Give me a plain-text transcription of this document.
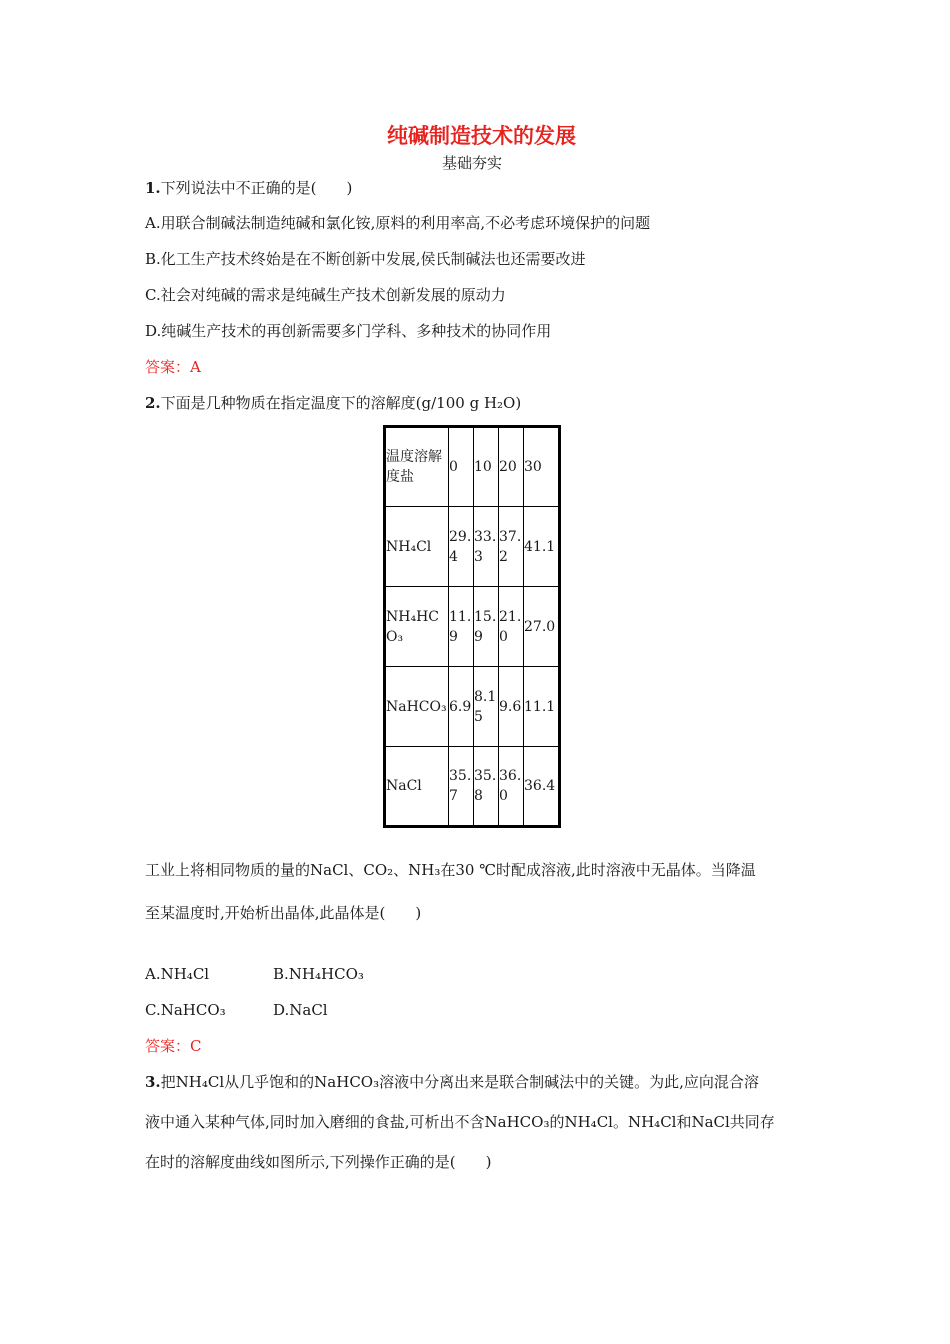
纯碱制造技术的发展
基础夯实
1.下列说法中不正确的是(　　)
A.用联合制碱法制造纯碱和氯化铵,原料的利用率高,不必考虑环境保护的问题
B.化工生产技术终始是在不断创新中发展,侯氏制碱法也还需要改进
C.社会对纯碱的需求是纯碱生产技术创新发展的原动力
D.纯碱生产技术的再创新需要多门学科、多种技术的协同作用
答案：A
2.下面是几种物质在指定温度下的溶解度(g/100 g H₂O)
温度溶解度盐	0	10	20	30

NH₄Cl	29.4	33.3	37.2	41.1

NH₄HCO₃	11.9	15.9	21.0	27.0

NaHCO₃	6.9	8.15	9.6	11.1

NaCl	35.7	35.8	36.0	36.4
工业上将相同物质的量的NaCl、CO₂、NH₃在30 ℃时配成溶液,此时溶液中无晶体。当降温
至某温度时,开始析出晶体,此晶体是(　　)
A.NH₄Cl	B.NH₄HCO₃
C.NaHCO₃	D.NaCl
答案：C
3.把NH₄Cl从几乎饱和的NaHCO₃溶液中分离出来是联合制碱法中的关键。为此,应向混合溶
液中通入某种气体,同时加入磨细的食盐,可析出不含NaHCO₃的NH₄Cl。NH₄Cl和NaCl共同存
在时的溶解度曲线如图所示,下列操作正确的是(　　)
